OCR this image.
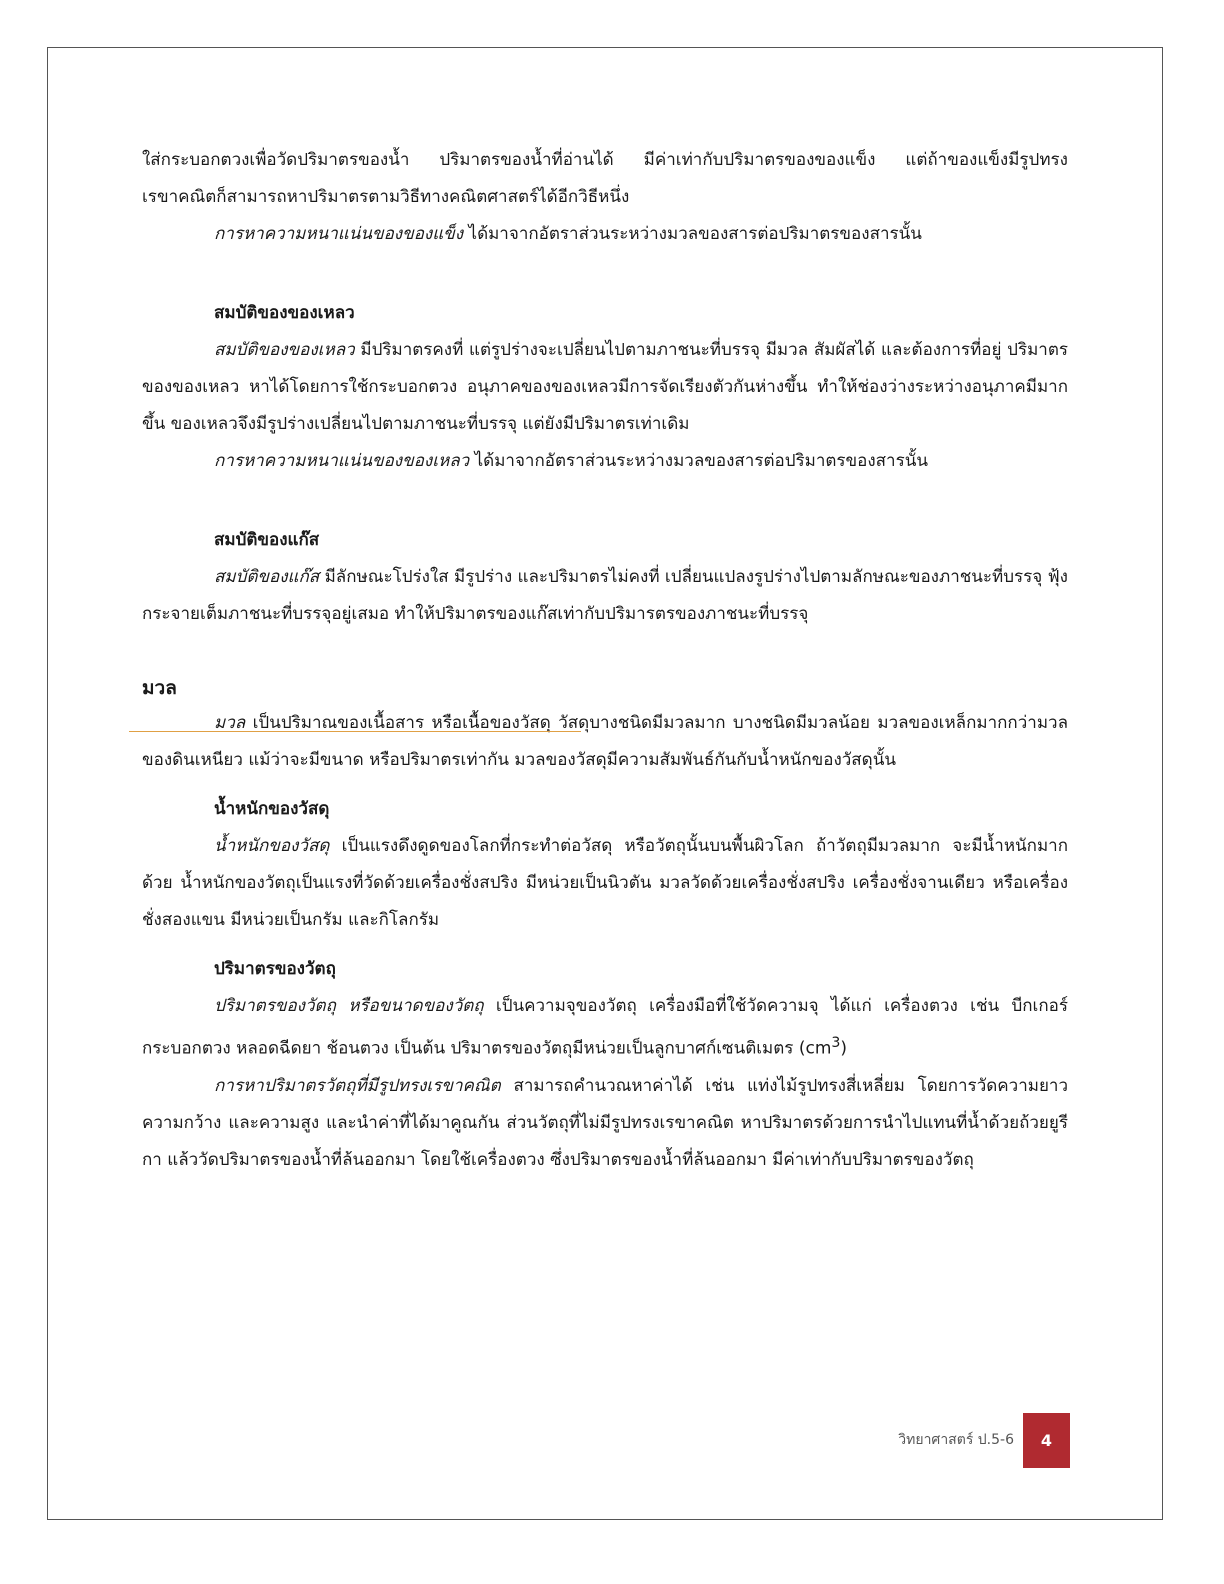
ใส่กระบอกตวงเพื่อวัดปริมาตรของน้ำ ปริมาตรของน้ำที่อ่านได้ มีค่าเท่ากับปริมาตรของของแข็ง แต่ถ้าของแข็งมีรูปทรงเรขาคณิตก็สามารถหาปริมาตรตามวิธีทางคณิตศาสตร์ได้อีกวิธีหนึ่ง

การหาความหนาแน่นของของแข็ง ได้มาจากอัตราส่วนระหว่างมวลของสารต่อปริมาตรของสารนั้น

สมบัติของของเหลว

สมบัติของของเหลว มีปริมาตรคงที่ แต่รูปร่างจะเปลี่ยนไปตามภาชนะที่บรรจุ มีมวล สัมผัสได้ และต้องการที่อยู่ ปริมาตรของของเหลว หาได้โดยการใช้กระบอกตวง อนุภาคของของเหลวมีการจัดเรียงตัวกันห่างขึ้น ทำให้ช่องว่างระหว่างอนุภาคมีมากขึ้น ของเหลวจึงมีรูปร่างเปลี่ยนไปตามภาชนะที่บรรจุ แต่ยังมีปริมาตรเท่าเดิม

การหาความหนาแน่นของของเหลว ได้มาจากอัตราส่วนระหว่างมวลของสารต่อปริมาตรของสารนั้น

สมบัติของแก๊ส

สมบัติของแก๊ส มีลักษณะโปร่งใส มีรูปร่าง และปริมาตรไม่คงที่ เปลี่ยนแปลงรูปร่างไปตามลักษณะของภาชนะที่บรรจุ ฟุ้งกระจายเต็มภาชนะที่บรรจุอยู่เสมอ ทำให้ปริมาตรของแก๊สเท่ากับปริมารตรของภาชนะที่บรรจุ

มวล

มวล เป็นปริมาณของเนื้อสาร หรือเนื้อของวัสดุ วัสดุบางชนิดมีมวลมาก บางชนิดมีมวลน้อย มวลของเหล็กมากกว่ามวลของดินเหนียว แม้ว่าจะมีขนาด หรือปริมาตรเท่ากัน มวลของวัสดุมีความสัมพันธ์กันกับน้ำหนักของวัสดุนั้น

น้ำหนักของวัสดุ

น้ำหนักของวัสดุ เป็นแรงดึงดูดของโลกที่กระทำต่อวัสดุ หรือวัตถุนั้นบนพื้นผิวโลก ถ้าวัตถุมีมวลมาก จะมีน้ำหนักมากด้วย น้ำหนักของวัตถุเป็นแรงที่วัดด้วยเครื่องชั่งสปริง มีหน่วยเป็นนิวตัน มวลวัดด้วยเครื่องชั่งสปริง เครื่องชั่งจานเดียว หรือเครื่องชั่งสองแขน มีหน่วยเป็นกรัม และกิโลกรัม

ปริมาตรของวัตถุ

ปริมาตรของวัตถุ หรือขนาดของวัตถุ เป็นความจุของวัตถุ เครื่องมือที่ใช้วัดความจุ ได้แก่ เครื่องตวง เช่น บีกเกอร์ กระบอกตวง หลอดฉีดยา ช้อนตวง เป็นต้น ปริมาตรของวัตถุมีหน่วยเป็นลูกบาศก์เซนติเมตร $(cm^3)$

การหาปริมาตรวัตถุที่มีรูปทรงเรขาคณิต สามารถคำนวณหาค่าได้ เช่น แท่งไม้รูปทรงสี่เหลี่ยม โดยการวัดความยาว ความกว้าง และความสูง และนำค่าที่ได้มาคูณกัน ส่วนวัตถุที่ไม่มีรูปทรงเรขาคณิต หาปริมาตรด้วยการนำไปแทนที่น้ำด้วยถ้วยยูรีกา แล้ววัดปริมาตรของน้ำที่ล้นออกมา โดยใช้เครื่องตวง ซึ่งปริมาตรของน้ำที่ล้นออกมา มีค่าเท่ากับปริมาตรของวัตถุ

วิทยาศาสตร์ ป.5-6	4
